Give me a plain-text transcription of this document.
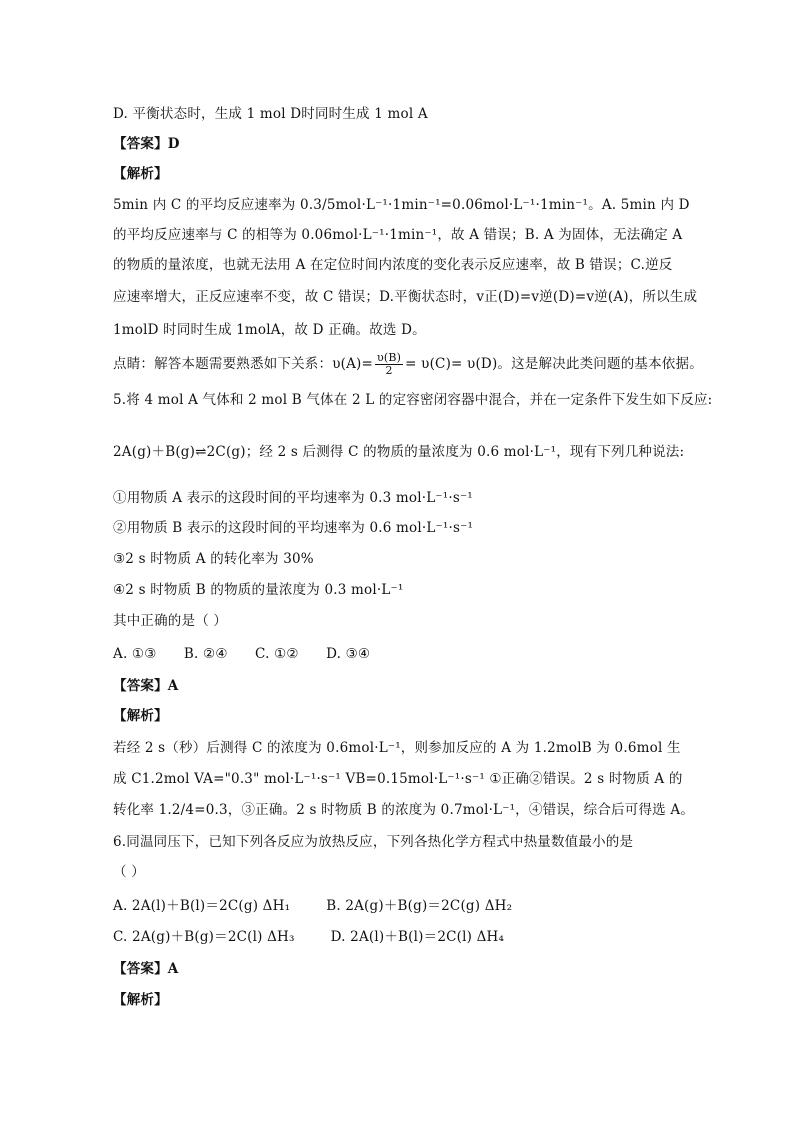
D. 平衡状态时，生成 1 mol D时同时生成 1 mol A
【答案】D
【解析】
5min 内 C 的平均反应速率为 0.3/5mol·L⁻¹·1min⁻¹=0.06mol·L⁻¹·1min⁻¹。A. 5min 内 D
的平均反应速率与 C 的相等为 0.06mol·L⁻¹·1min⁻¹，故 A 错误；B. A 为固体，无法确定 A
的物质的量浓度，也就无法用 A 在定位时间内浓度的变化表示反应速率，故 B 错误；C.逆反
应速率增大，正反应速率不变，故 C 错误；D.平衡状态时，v正(D)=v逆(D)=v逆(A)，所以生成
1molD 时同时生成 1molA，故 D 正确。故选 D。
点睛：解答本题需要熟悉如下关系：$\upsilon(A)= \frac{\upsilon(B)}{2} = \upsilon(C)= \upsilon(D)$。这是解决此类问题的基本依据。
5.将 4 mol A 气体和 2 mol B 气体在 2 L 的定容密闭容器中混合，并在一定条件下发生如下反应:
2A(g)＋B(g)⇌2C(g)；经 2 s 后测得 C 的物质的量浓度为 0.6 mol·L⁻¹，现有下列几种说法:
①用物质 A 表示的这段时间的平均速率为 0.3 mol·L⁻¹·s⁻¹
②用物质 B 表示的这段时间的平均速率为 0.6 mol·L⁻¹·s⁻¹
③2 s 时物质 A 的转化率为 30%
④2 s 时物质 B 的物质的量浓度为 0.3 mol·L⁻¹
其中正确的是（ ）
A. ①③　　B. ②④　　C. ①②　　D. ③④
【答案】A
【解析】
若经 2 s（秒）后测得 C 的浓度为 0.6mol·L⁻¹，则参加反应的 A 为 1.2molB 为 0.6mol 生
成 C1.2mol VA="0.3" mol·L⁻¹·s⁻¹ VB=0.15mol·L⁻¹·s⁻¹ ①正确②错误。2 s 时物质 A 的
转化率 1.2/4=0.3，③正确。2 s 时物质 B 的浓度为 0.7mol·L⁻¹，④错误，综合后可得选 A。
6.同温同压下，已知下列各反应为放热反应，下列各热化学方程式中热量数值最小的是
（ ）
A. 2A(l)＋B(l)＝2C(g) ΔH₁	B. 2A(g)＋B(g)＝2C(g) ΔH₂
C. 2A(g)＋B(g)＝2C(l) ΔH₃	D. 2A(l)＋B(l)＝2C(l) ΔH₄
【答案】A
【解析】
